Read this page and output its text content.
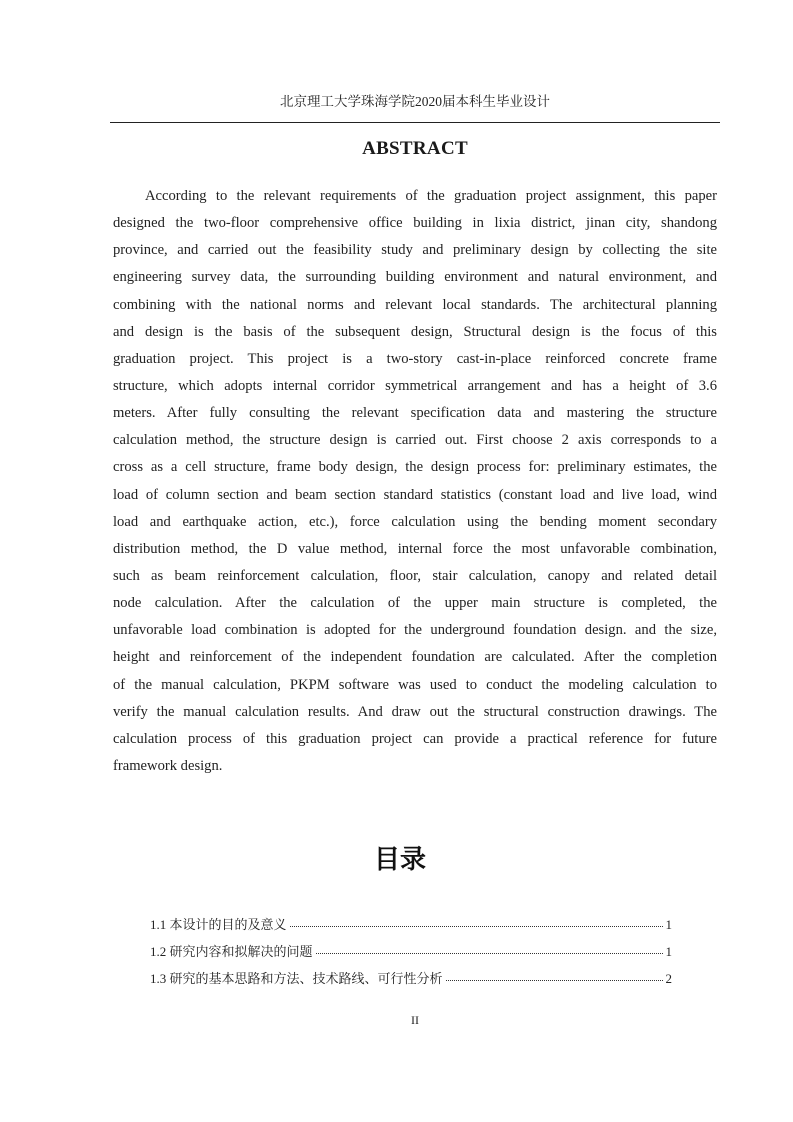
北京理工大学珠海学院2020届本科生毕业设计
ABSTRACT
According to the relevant requirements of the graduation project assignment, this paper
designed the two-floor comprehensive office building in lixia district, jinan city, shandong
province, and carried out the feasibility study and preliminary design by collecting the site
engineering survey data, the surrounding building environment and natural environment, and
combining with the national norms and relevant local standards. The architectural planning
and design is the basis of the subsequent design, Structural design is the focus of this
graduation project. This project is a two-story cast-in-place reinforced concrete frame
structure, which adopts internal corridor symmetrical arrangement and has a height of 3.6
meters. After fully consulting the relevant specification data and mastering the structure
calculation method, the structure design is carried out. First choose 2 axis corresponds to a
cross as a cell structure, frame body design, the design process for: preliminary estimates, the
load of column section and beam section standard statistics (constant load and live load, wind
load and earthquake action, etc.), force calculation using the bending moment secondary
distribution method, the D value method, internal force the most unfavorable combination,
such as beam reinforcement calculation, floor, stair calculation, canopy and related detail
node calculation. After the calculation of the upper main structure is completed, the
unfavorable load combination is adopted for the underground foundation design. and the size,
height and reinforcement of the independent foundation are calculated. After the completion
of the manual calculation, PKPM software was used to conduct the modeling calculation to
verify the manual calculation results. And draw out the structural construction drawings. The
calculation process of this graduation project can provide a practical reference for future
framework design.
目录
1.1 本设计的目的及意义	1
1.2 研究内容和拟解决的问题	1
1.3 研究的基本思路和方法、技术路线、可行性分析	2
II
